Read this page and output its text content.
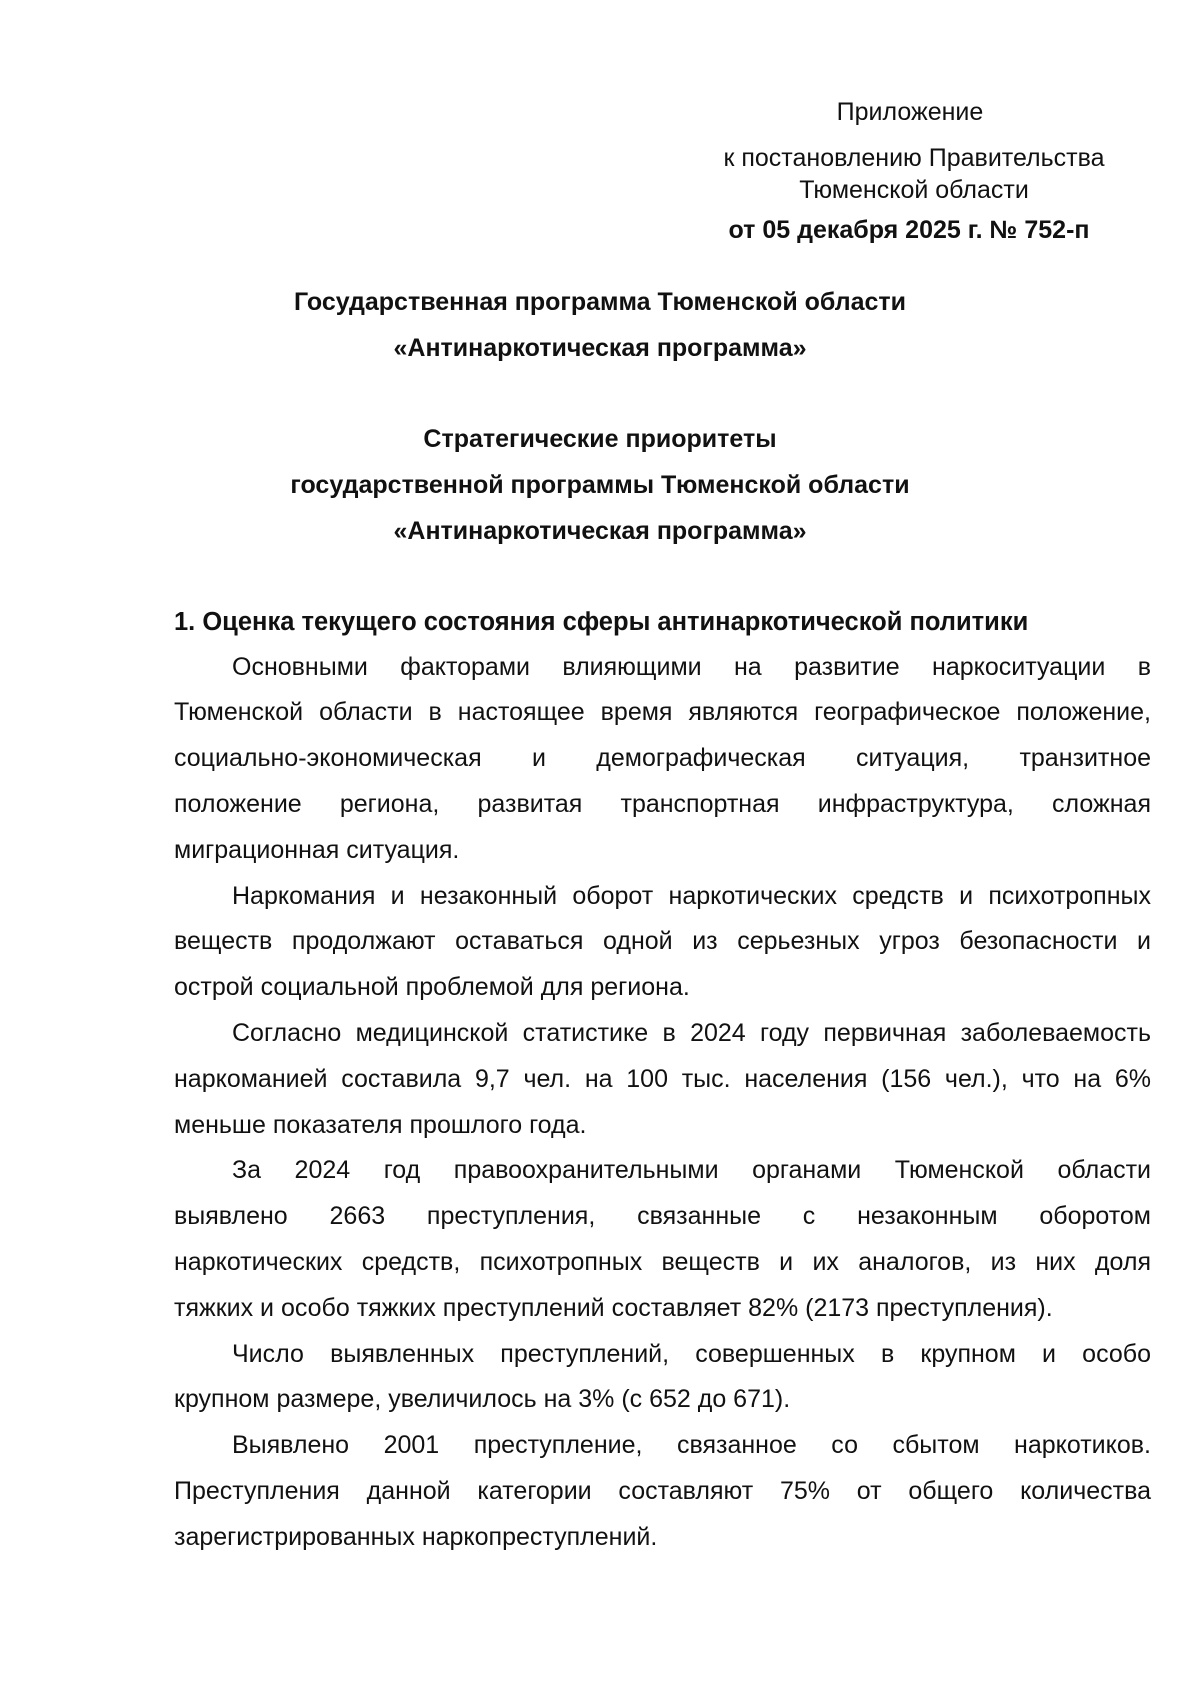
Приложение
к постановлению Правительства
Тюменской области
от 05 декабря 2025 г. № 752-п
Государственная программа Тюменской области
«Антинаркотическая программа»
Стратегические приоритеты
государственной программы Тюменской области
«Антинаркотическая программа»
1. Оценка текущего состояния сферы антинаркотической политики
Основными факторами влияющими на развитие наркоситуации в
Тюменской области в настоящее время являются географическое положение,
социально-экономическая и демографическая ситуация, транзитное
положение региона, развитая транспортная инфраструктура, сложная
миграционная ситуация.
Наркомания и незаконный оборот наркотических средств и психотропных
веществ продолжают оставаться одной из серьезных угроз безопасности и
острой социальной проблемой для региона.
Согласно медицинской статистике в 2024 году первичная заболеваемость
наркоманией составила 9,7 чел. на 100 тыс. населения (156 чел.), что на 6%
меньше показателя прошлого года.
За 2024 год правоохранительными органами Тюменской области
выявлено 2663 преступления, связанные с незаконным оборотом
наркотических средств, психотропных веществ и их аналогов, из них доля
тяжких и особо тяжких преступлений составляет 82% (2173 преступления).
Число выявленных преступлений, совершенных в крупном и особо
крупном размере, увеличилось на 3% (с 652 до 671).
Выявлено 2001 преступление, связанное со сбытом наркотиков.
Преступления данной категории составляют 75% от общего количества
зарегистрированных наркопреступлений.
